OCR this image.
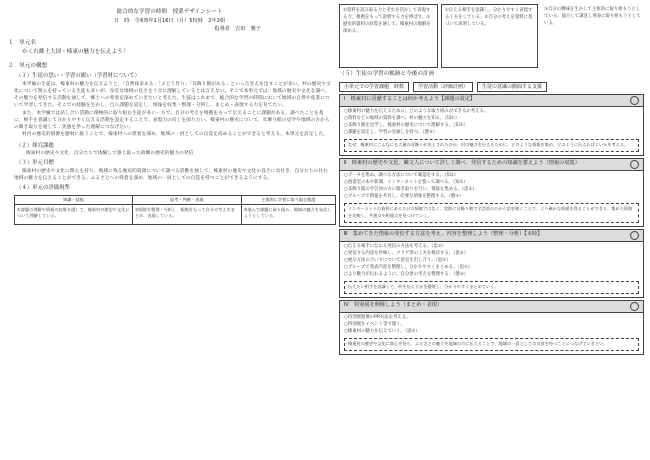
総合的な学習の時間　授業デザインシート
日　時　令和5年1月16日（月）5校時　2年2組
指導者　吉田　雅子
１　単元名
かくれ郷土大国・榛東の魅力を伝えよう！
２　単元の構想
（１）生徒の思い・学習の願い（学習材について）
本学級の生徒は、榛東村の魅力を伝えようと、「自然探求ある」「ぶどう作り」「耳飾り館がある」といった答えを出すことが多い。村の歴史や文化について関心を持っている生徒も多いが、身近な地域の良さを十分に理解しているとは言えない。そこで本単元では、地域の歴史や文化を調べ、その魅力を発信する活動を通して、郷土への愛着を深めていきたいと考えた。生徒はこれまで、総合的な学習の時間において地域の自然や産業について学習してきた。そこでの経験を生かし、自ら課題を設定し、情報を収集・整理・分析し、まとめ・表現する力を育てたい。
また、本学級では話し合い活動に積極的に取り組む生徒が多い一方で、自分の考えを根拠をもって伝えることに課題がある。調べたことを基に、相手を意識して分かりやすく伝える活動を設定することで、表現力の向上を図りたい。榛東村の歴史について、耳飾り館の見学や地域の方からの聞き取りを通して、実感を伴った理解につなげたい。
村内の歴史的資源を題材に扱うことで、榛東村への愛着を深め、地域の一員としての自覚を高めることができると考える。本単元を設定した。
（２）探究課題
榛東村の歴史や文化、自分たちで体験して感じ取った故郷の歴史的魅力の発信
（３）単元目標
榛東村の歴史や文化に関心を持ち、地域に残る歴史的資源について調べる活動を通して、榛東村の歴史や文化の良さに気付き、自分たちの住む地域の魅力を伝えることができる。ふるさとへの愛着を深め、地域の一員としての自覚を持つことができるようにする。
（４）単元の評価規準
知識・技能	思考・判断・表現	主体的に学習に取り組む態度
①課題の理解や情報の収集を通して、榛東村の歴史や文化について理解している。	②情報を整理・分析し、根拠をもって自分の考えをまとめ、表現している。	③進んで課題に取り組み、地域の魅力を発信しようとしている。
①資料を読み取る力とそれを活かして表現する力、根拠をもって説明する力を伸ばす。②歴史的資料の収集を通して、榛東村の理解を深める。
①伝える相手を意識し、分かりやすく表現する工夫をしている。②自分の考えを資料に基づいて説明している。
③自分の興味を生かして主体的に取り組もうとしている。協力して調査し発表に取り組もうとしている。
（５）生徒の学習の軌跡と今後の計画
小単元での学習課題　時数	学習活動（評価計画）	生徒の意識の側面する支援
Ⅰ　榛東村に貢献することは何か考えよう【課題の設定】
○榛東村の魅力を伝えるために、どのような取り組みができるか考える。
○資料などの地域の資料を調べ、村の魅力を知る。（知①）
○耳飾り館を見学し、榛東村の歴史について理解する。（知①）
○課題を設定し、学習の見通しを持つ。（態③）
なぜ、榛東村にこんなにも大量の耳飾りが出土されたのか。村の魅力を伝えるために、どのような情報を集め、どのように伝えればよいかを考える。
Ⅱ　榛東村の歴史や文化、織文人について詳しく調べ、発信するための知識を蓄えよう（情報の収集）
○データを集め、調べる方法について確認をする。（知①）
○図書室の本や新聞、インターネットを使って調べる。（知①）
○耳飾り館の学芸員の方に聞き取りを行い、情報を集める。（思②）
○グループで情報を共有し、必要な情報を整理する。（態③）
インターネットの資料にあるだけの情報ではなく、実際に耳飾り館で学芸員の方から話を聞くことで、より確かな情報を得ることができる。集めた情報を比較し、共通点や相違点を見つけていく。
Ⅲ　集めてきた情報の発信する方法を考え、内容を整理しよう（整理・分析）【本時】
○伝える相手に伝わる発信の方法を考える。（思②）
○発信する内容を吟味し、クラゲ形の工夫を検討する。（思②）
○展示方法の合い方について意見を出し合う。（思②）
○グループで発表内容を整理し、分かりやすくまとめる。（思②）
○より魅力が伝わるように、自分達の考えを整理する。（態③）
伝えたい相手を意識して、何を伝えるかを整理し、分かりやすくまとめていく。
Ⅳ　特別展を開催しよう（まとめ・表現）
○特別展開催のPR方法を考える。
○特別展をイベント等で開く。
○榛東村の魅力を伝えていく。（思②）
榛東村の歴史や文化に関心を持ち、ふるさとの魅力を地域の方に伝えることで、地域の一員としての自覚を持つことにつなげていきたい。
